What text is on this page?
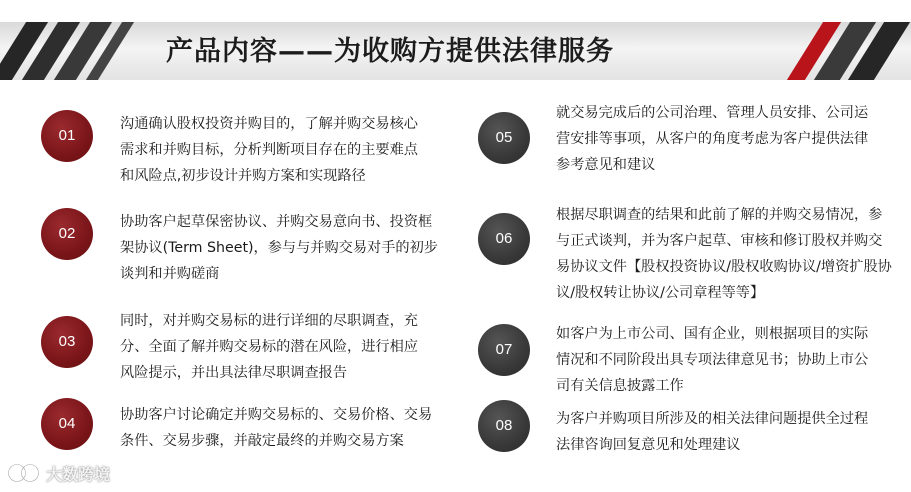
产品内容——为收购方提供法律服务
01
沟通确认股权投资并购目的，了解并购交易核心需求和并购目标，分析判断项目存在的主要难点和风险点,初步设计并购方案和实现路径
02
协助客户起草保密协议、并购交易意向书、投资框架协议(Term Sheet)，参与与并购交易对手的初步谈判和并购磋商
03
同时，对并购交易标的进行详细的尽职调查，充分、全面了解并购交易标的潜在风险，进行相应风险提示，并出具法律尽职调查报告
04	协助客户讨论确定并购交易标的、交易价格、交易条件、交易步骤，并敲定最终的并购交易方案
05
就交易完成后的公司治理、管理人员安排、公司运营安排等事项，从客户的角度考虑为客户提供法律参考意见和建议
06
根据尽职调查的结果和此前了解的并购交易情况，参与正式谈判，并为客户起草、审核和修订股权并购交易协议文件【股权投资协议/股权收购协议/增资扩股协议/股权转让协议/公司章程等等】
07
如客户为上市公司、国有企业，则根据项目的实际情况和不同阶段出具专项法律意见书；协助上市公司有关信息披露工作
08	为客户并购项目所涉及的相关法律问题提供全过程法律咨询回复意见和处理建议
大数跨境
